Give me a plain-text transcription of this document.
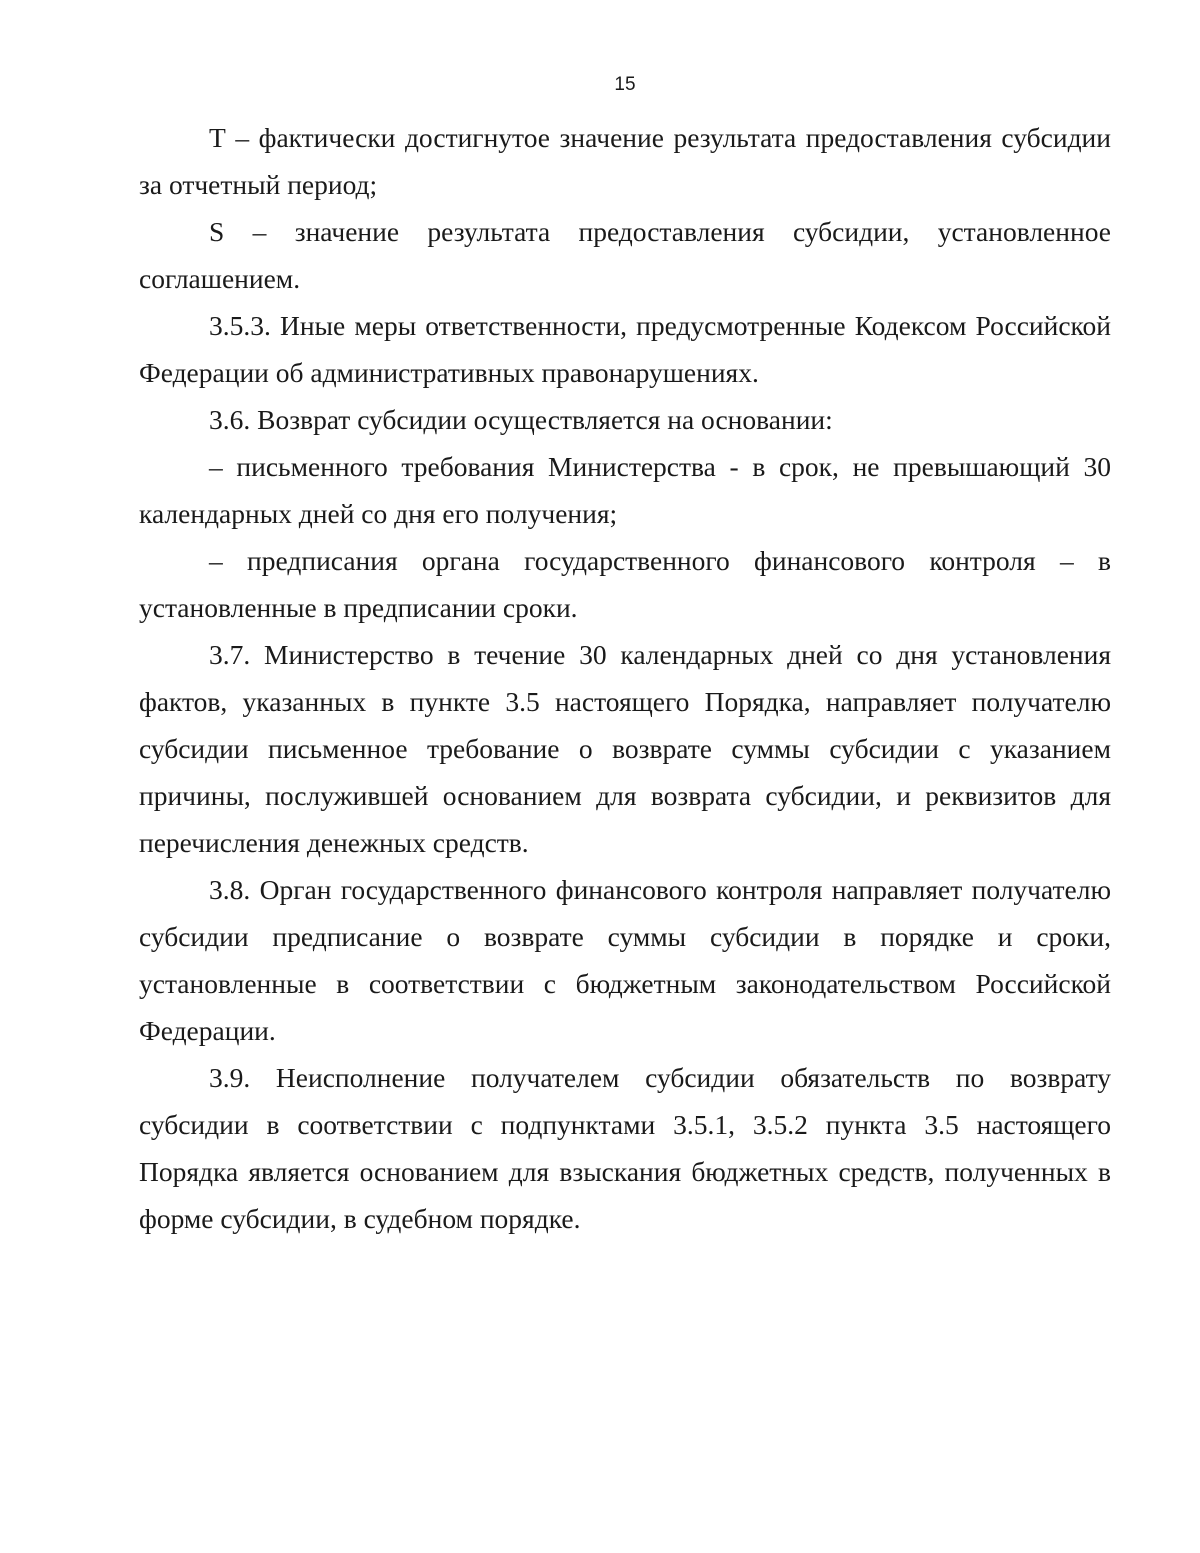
15

Т – фактически достигнутое значение результата предоставления субсидии за отчетный период;

S – значение результата предоставления субсидии, установленное соглашением.

3.5.3. Иные меры ответственности, предусмотренные Кодексом Российской Федерации об административных правонарушениях.

3.6. Возврат субсидии осуществляется на основании:

– письменного требования Министерства - в срок, не превышающий 30 календарных дней со дня его получения;

– предписания органа государственного финансового контроля – в установленные в предписании сроки.

3.7. Министерство в течение 30 календарных дней со дня установления фактов, указанных в пункте 3.5 настоящего Порядка, направляет получателю субсидии письменное требование о возврате суммы субсидии с указанием причины, послужившей основанием для возврата субсидии, и реквизитов для перечисления денежных средств.

3.8. Орган государственного финансового контроля направляет получателю субсидии предписание о возврате суммы субсидии в порядке и сроки, установленные в соответствии с бюджетным законодательством Российской Федерации.

3.9. Неисполнение получателем субсидии обязательств по возврату субсидии в соответствии с подпунктами 3.5.1, 3.5.2 пункта 3.5 настоящего Порядка является основанием для взыскания бюджетных средств, полученных в форме субсидии, в судебном порядке.
